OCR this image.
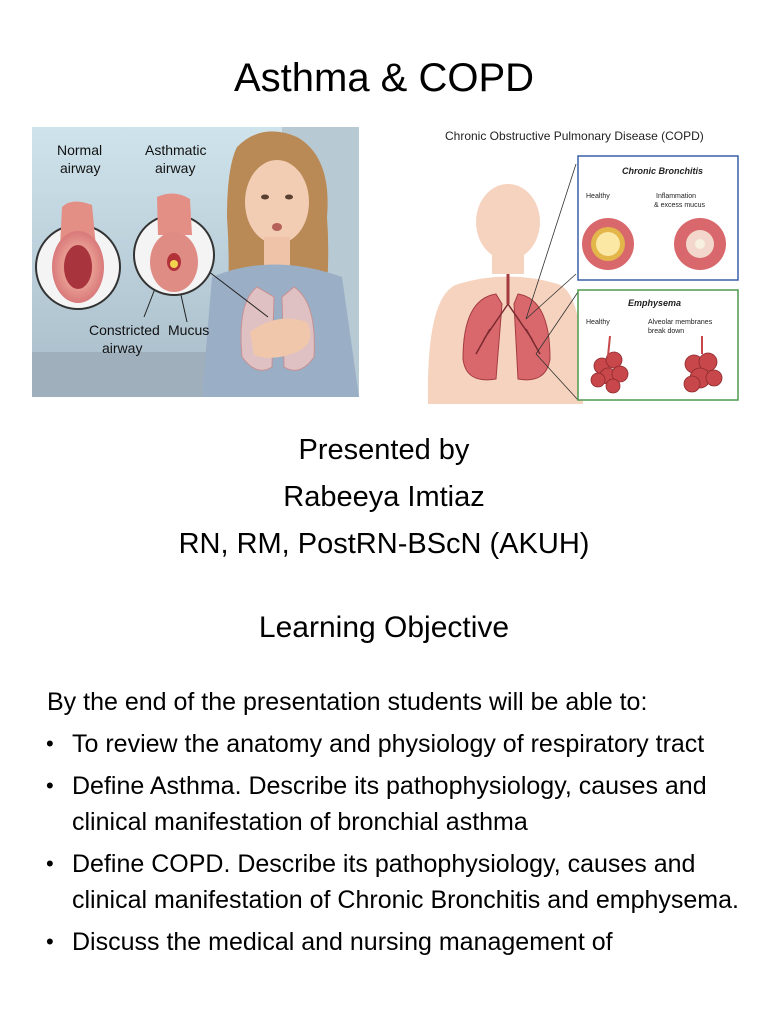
Asthma & COPD
Normal
airway
Asthmatic
airway
Constricted
airway
Mucus
Chronic Obstructive Pulmonary Disease (COPD)
Chronic Bronchitis
Healthy	Inflammation
& excess mucus
Emphysema
Healthy	Alveolar membranes
break down
Presented by
Rabeeya Imtiaz
RN, RM, PostRN-BScN (AKUH)
Learning Objective
By the end of the presentation students will be able to:
• To review the anatomy and physiology of respiratory tract
• Define Asthma. Describe its pathophysiology, causes and clinical manifestation of bronchial asthma
• Define COPD. Describe its pathophysiology, causes and clinical manifestation of Chronic Bronchitis and emphysema.
• Discuss the medical and nursing management of
